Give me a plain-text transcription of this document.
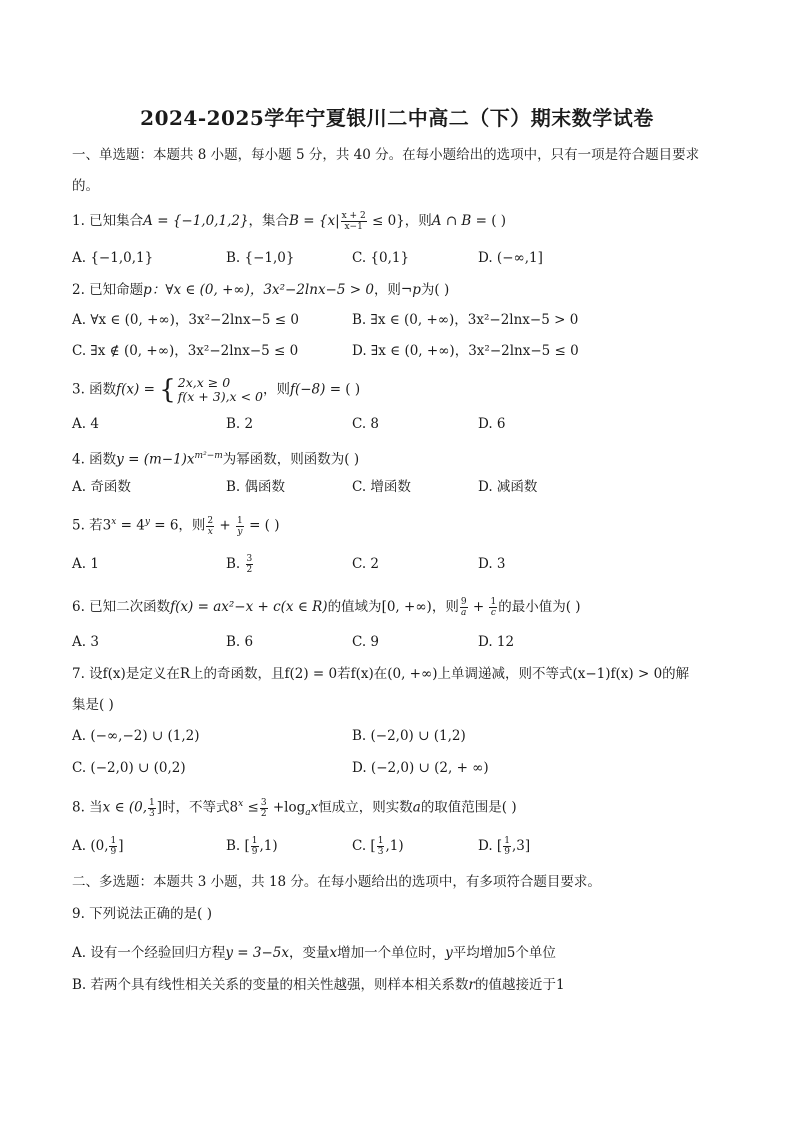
2024-2025学年宁夏银川二中高二（下）期末数学试卷
一、单选题：本题共 8 小题，每小题 5 分，共 40 分。在每小题给出的选项中，只有一项是符合题目要求
的。
1. 已知集合A = {−1,0,1,2}，集合$B = \{x| \frac{x + 2}{x-1} \le 0\}$，则A ∩ B = ( )
A. {−1,0,1}	B. {−1,0}	C. {0,1}	D. (−∞,1]
2. 已知命题p：∀x ∈ (0, +∞)，3x²−2lnx−5 > 0，则¬p为( )
A. ∀x ∈ (0, +∞)，3x²−2lnx−5 ≤ 0	B. ∃x ∈ (0, +∞)，3x²−2lnx−5 > 0
C. ∃x ∉ (0, +∞)，3x²−2lnx−5 ≤ 0	D. ∃x ∈ (0, +∞)，3x²−2lnx−5 ≤ 0
3. 函数f(x) = { 2x,x ≥ 0
f(x + 3),x < 0 ，则f(−8) = ( )
A. 4	B. 2	C. 8	D. 6
4. 函数$y = (m-1)x^{m^2-m}$为幂函数，则函数为( )
A. 奇函数	B. 偶函数	C. 增函数	D. 减函数
5. 若$3^x = 4^y = 6$，则 $\frac{2}{x} + \frac{1}{y}$ = ( )
A. 1	B. $\frac{3}{2}$	C. 2	D. 3
6. 已知二次函数f(x) = ax²−x + c(x ∈ R)的值域为[0, +∞)，则 $\frac{9}{a} + \frac{1}{c}$ 的最小值为( )
A. 3	B. 6	C. 9	D. 12
7. 设f(x)是定义在R上的奇函数，且f(2) = 0若f(x)在(0, +∞)上单调递减，则不等式(x−1)f(x) > 0的解
集是( )
A. (−∞,−2) ∪ (1,2)	B. (−2,0) ∪ (1,2)
C. (−2,0) ∪ (0,2)	D. (−2,0) ∪ (2, + ∞)
8. 当x ∈ (0, $\frac{1}{3}$ ]时，不等式$8^x \le \frac{3}{2} +\log_ax$恒成立，则实数a的取值范围是( )
A. (0, $\frac{1}{9}$ ]	B. [ $\frac{1}{9} ,1$)	C. [ $\frac{1}{3} ,1$)	D. [ $\frac{1}{9} ,3$]
二、多选题：本题共 3 小题，共 18 分。在每小题给出的选项中，有多项符合题目要求。
9. 下列说法正确的是( )
A. 设有一个经验回归方程y = 3−5x，变量x增加一个单位时，y平均增加5个单位
B. 若两个具有线性相关关系的变量的相关性越强，则样本相关系数r的值越接近于1
